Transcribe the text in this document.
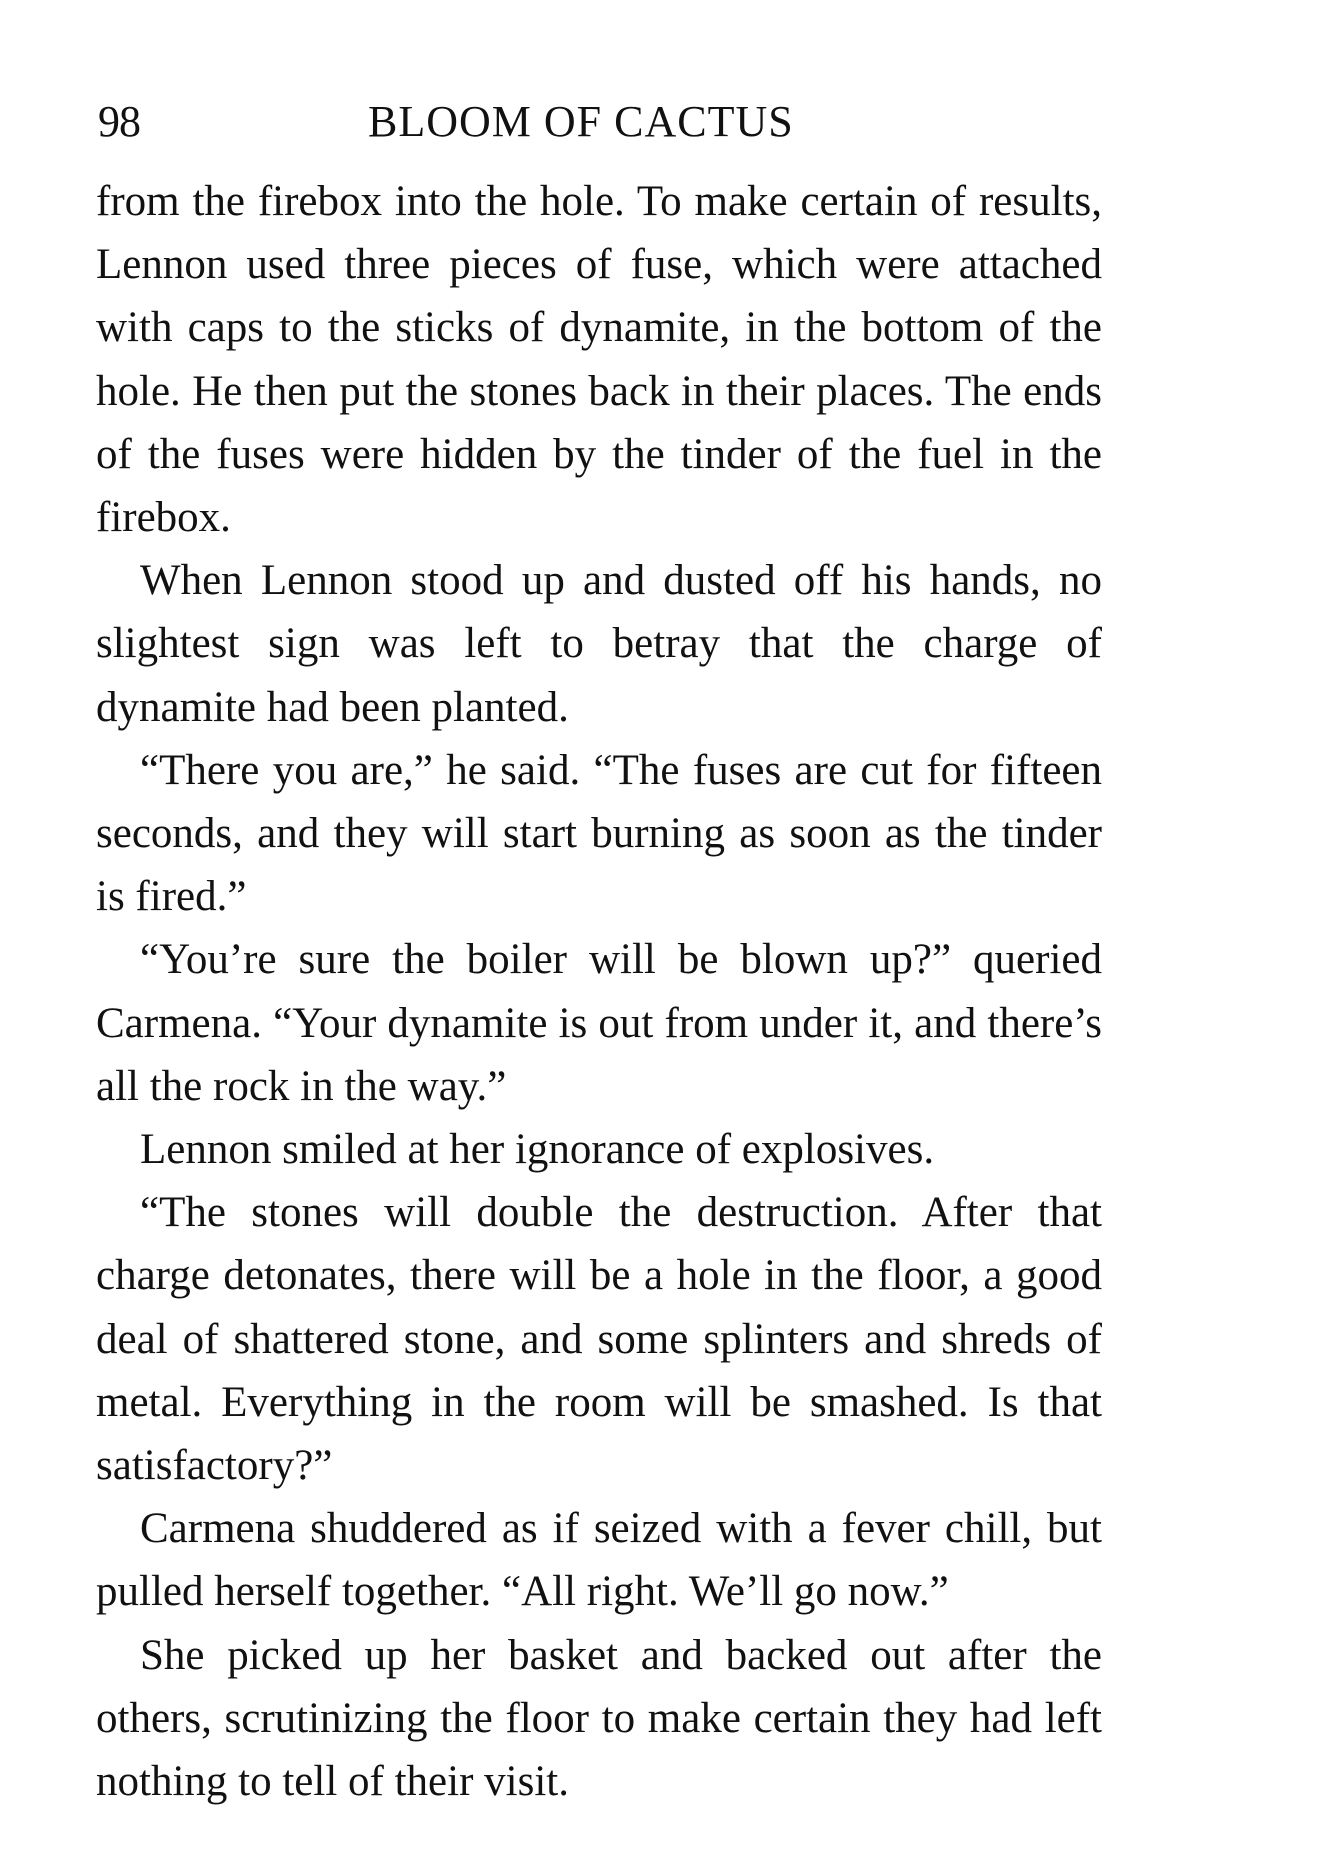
98	BLOOM OF CACTUS

from the firebox into the hole. To make certain of results, Lennon used three pieces of fuse, which were attached with caps to the sticks of dynamite, in the bottom of the hole. He then put the stones back in their places. The ends of the fuses were hidden by the tinder of the fuel in the firebox.

When Lennon stood up and dusted off his hands, no slightest sign was left to betray that the charge of dynamite had been planted.

“There you are,” he said. “The fuses are cut for fifteen seconds, and they will start burning as soon as the tinder is fired.”

“You’re sure the boiler will be blown up?” queried Carmena. “Your dynamite is out from under it, and there’s all the rock in the way.”

Lennon smiled at her ignorance of explosives.

“The stones will double the destruction. After that charge detonates, there will be a hole in the floor, a good deal of shattered stone, and some splinters and shreds of metal. Everything in the room will be smashed. Is that satisfactory?”

Carmena shuddered as if seized with a fever chill, but pulled herself together. “All right. We’ll go now.”

She picked up her basket and backed out after the others, scrutinizing the floor to make certain they had left nothing to tell of their visit.
